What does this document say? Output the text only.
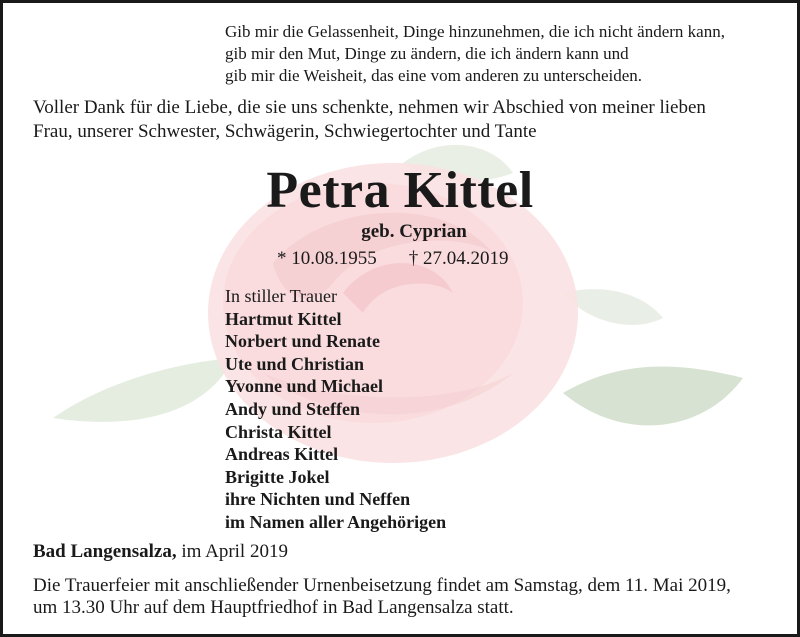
Gib mir die Gelassenheit, Dinge hinzunehmen, die ich nicht ändern kann,
gib mir den Mut, Dinge zu ändern, die ich ändern kann und
gib mir die Weisheit, das eine vom anderen zu unterscheiden.
Voller Dank für die Liebe, die sie uns schenkte, nehmen wir Abschied von meiner lieben
Frau, unserer Schwester, Schwägerin, Schwiegertochter und Tante
Petra Kittel
geb. Cyprian
* 10.08.1955 † 27.04.2019
In stiller Trauer
Hartmut Kittel
Norbert und Renate
Ute und Christian
Yvonne und Michael
Andy und Steffen
Christa Kittel
Andreas Kittel
Brigitte Jokel
ihre Nichten und Neffen
im Namen aller Angehörigen
Bad Langensalza, im April 2019
Die Trauerfeier mit anschließender Urnenbeisetzung findet am Samstag, dem 11. Mai 2019,
um 13.30 Uhr auf dem Hauptfriedhof in Bad Langensalza statt.
